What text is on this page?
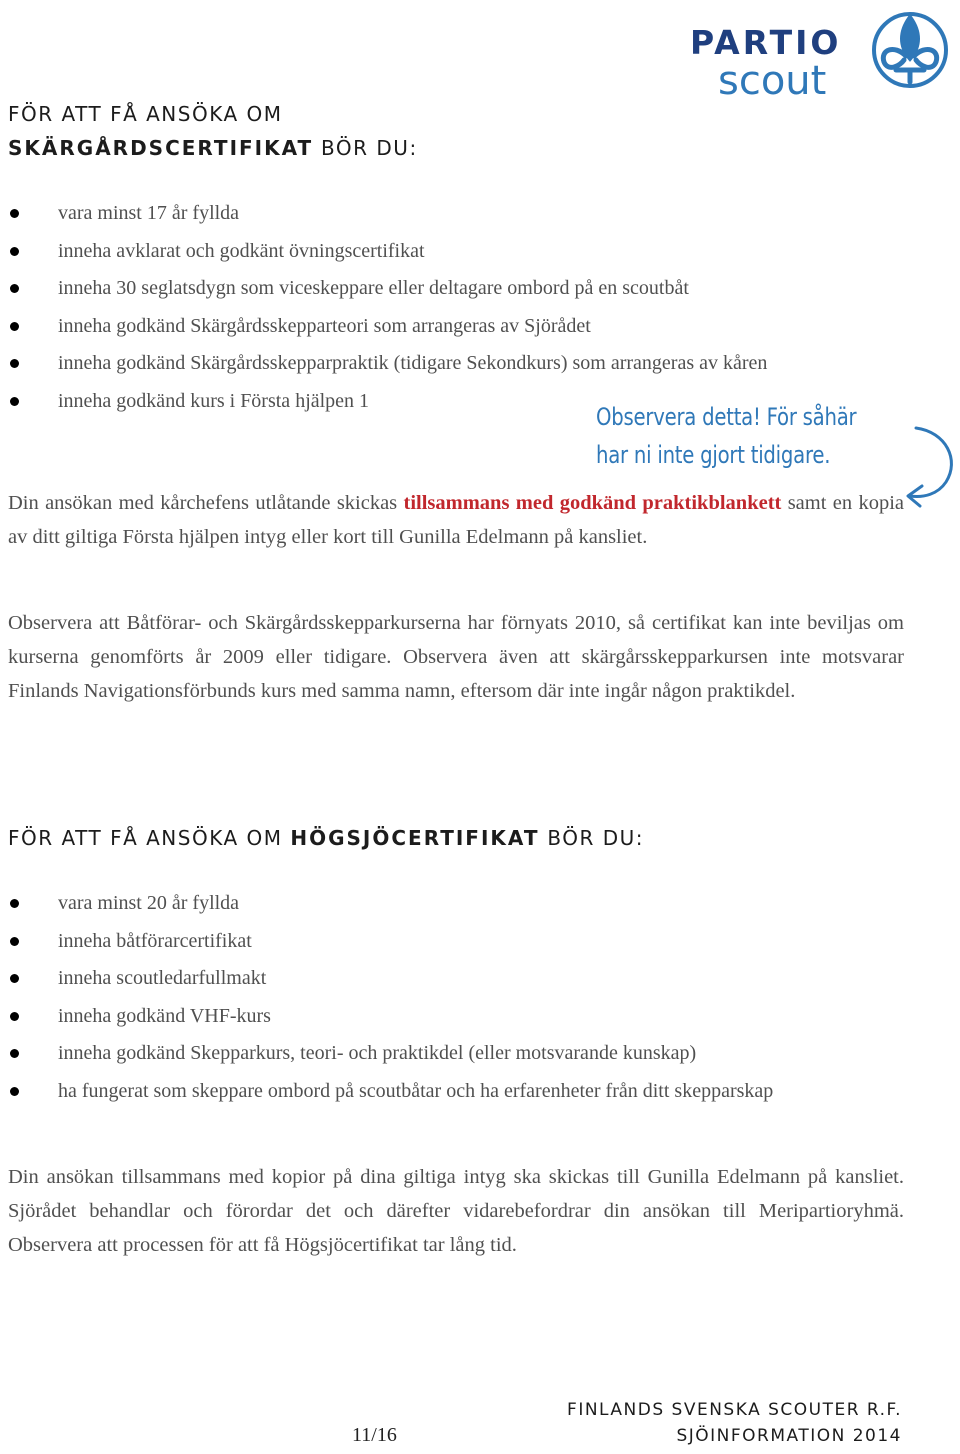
PARTIO
scout
FÖR ATT FÅ ANSÖKA OM
SKÄRGÅRDSCERTIFIKAT BÖR DU:
vara minst 17 år fyllda
inneha avklarat och godkänt övningscertifikat
inneha 30 seglatsdygn som viceskeppare eller deltagare ombord på en scoutbåt
inneha godkänd Skärgårdsskepparteori som arrangeras av Sjörådet
inneha godkänd Skärgårdsskepparpraktik (tidigare Sekondkurs) som arrangeras av kåren
inneha godkänd kurs i Första hjälpen 1
Observera detta! För såhär
har ni inte gjort tidigare.

Din ansökan med kårchefens utlåtande skickas tillsammans med godkänd praktikblankett samt en kopia av ditt giltiga Första hjälpen intyg eller kort till Gunilla Edelmann på kansliet.

Observera att Båtförar- och Skärgårdsskepparkurserna har förnyats 2010, så certifikat kan inte beviljas om kurserna genomförts år 2009 eller tidigare. Observera även att skärgårsskepparkursen inte motsvarar Finlands Navigationsförbunds kurs med samma namn, eftersom där inte ingår någon praktikdel.

FÖR ATT FÅ ANSÖKA OM HÖGSJÖCERTIFIKAT BÖR DU:
vara minst 20 år fyllda
inneha båtförarcertifikat
inneha scoutledarfullmakt
inneha godkänd VHF-kurs
inneha godkänd Skepparkurs, teori- och praktikdel (eller motsvarande kunskap)
ha fungerat som skeppare ombord på scoutbåtar och ha erfarenheter från ditt skepparskap

Din ansökan tillsammans med kopior på dina giltiga intyg ska skickas till Gunilla Edelmann på kansliet. Sjörådet behandlar och förordar det och därefter vidarebefordrar din ansökan till Meripartioryhmä. Observera att processen för att få Högsjöcertifikat tar lång tid.

11/16
FINLANDS SVENSKA SCOUTER R.F.
SJÖINFORMATION 2014
